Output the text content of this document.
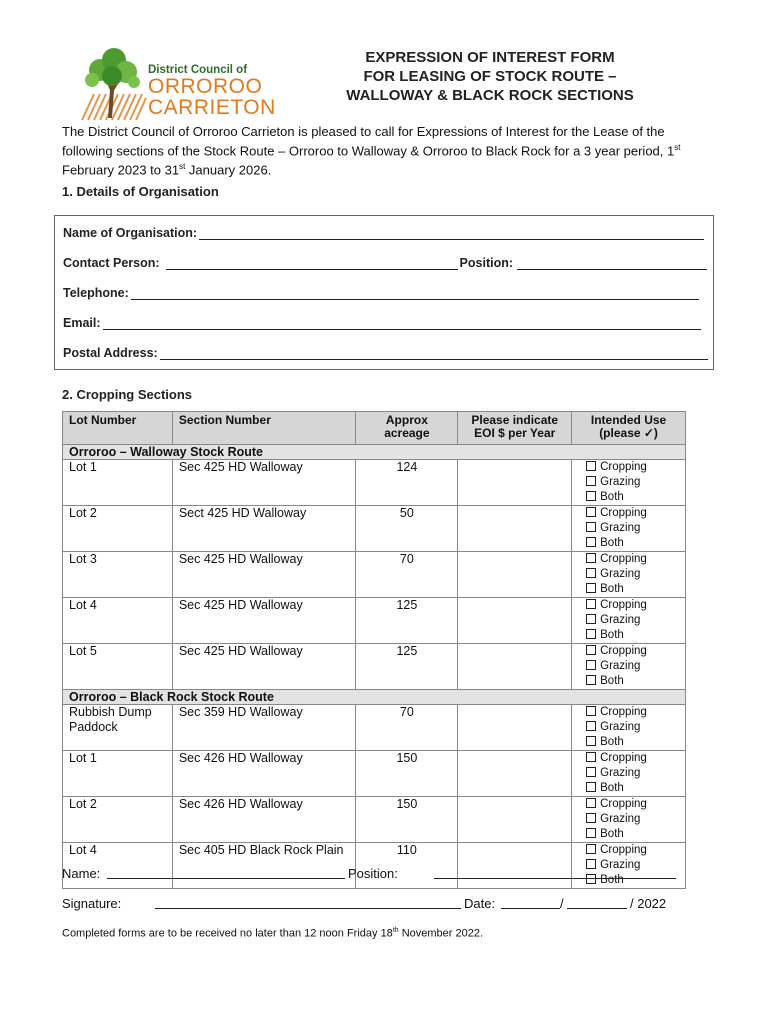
District Council of
ORROROO
CARRIETON
EXPRESSION OF INTEREST FORM
FOR LEASING OF STOCK ROUTE –
WALLOWAY & BLACK ROCK SECTIONS
The District Council of Orroroo Carrieton is pleased to call for Expressions of Interest for the Lease of the following sections of the Stock Route – Orroroo to Walloway & Orroroo to Black Rock for a 3 year period, 1st February 2023 to 31st January 2026.
1. Details of Organisation
Name of Organisation:
Contact Person:	Position:
Telephone:
Email:
Postal Address:
2. Cropping Sections
Lot Number	Section Number	Approx acreage	Please indicate EOI $ per Year	Intended Use (please ✓)
Orroroo – Walloway Stock Route				
Lot 1	Sec 425 HD Walloway	124		Cropping
Grazing
Both

Lot 2	Sect 425 HD Walloway	50		Cropping
Grazing
Both

Lot 3	Sec 425 HD Walloway	70		Cropping
Grazing
Both

Lot 4	Sec 425 HD Walloway	125		Cropping
Grazing
Both

Lot 5	Sec 425 HD Walloway	125		Cropping
Grazing
Both

Orroroo – Black Rock Stock Route				
Rubbish Dump Paddock	Sec 359 HD Walloway	70		Cropping
Grazing
Both

Lot 1	Sec 426 HD Walloway	150		Cropping
Grazing
Both

Lot 2	Sec 426 HD Walloway	150		Cropping
Grazing
Both

Lot 4	Sec 405 HD Black Rock Plain	110		Cropping
Grazing
Both
Name:	Position:
Signature:	Date:	/	/ 2022
Completed forms are to be received no later than 12 noon Friday 18th November 2022.
